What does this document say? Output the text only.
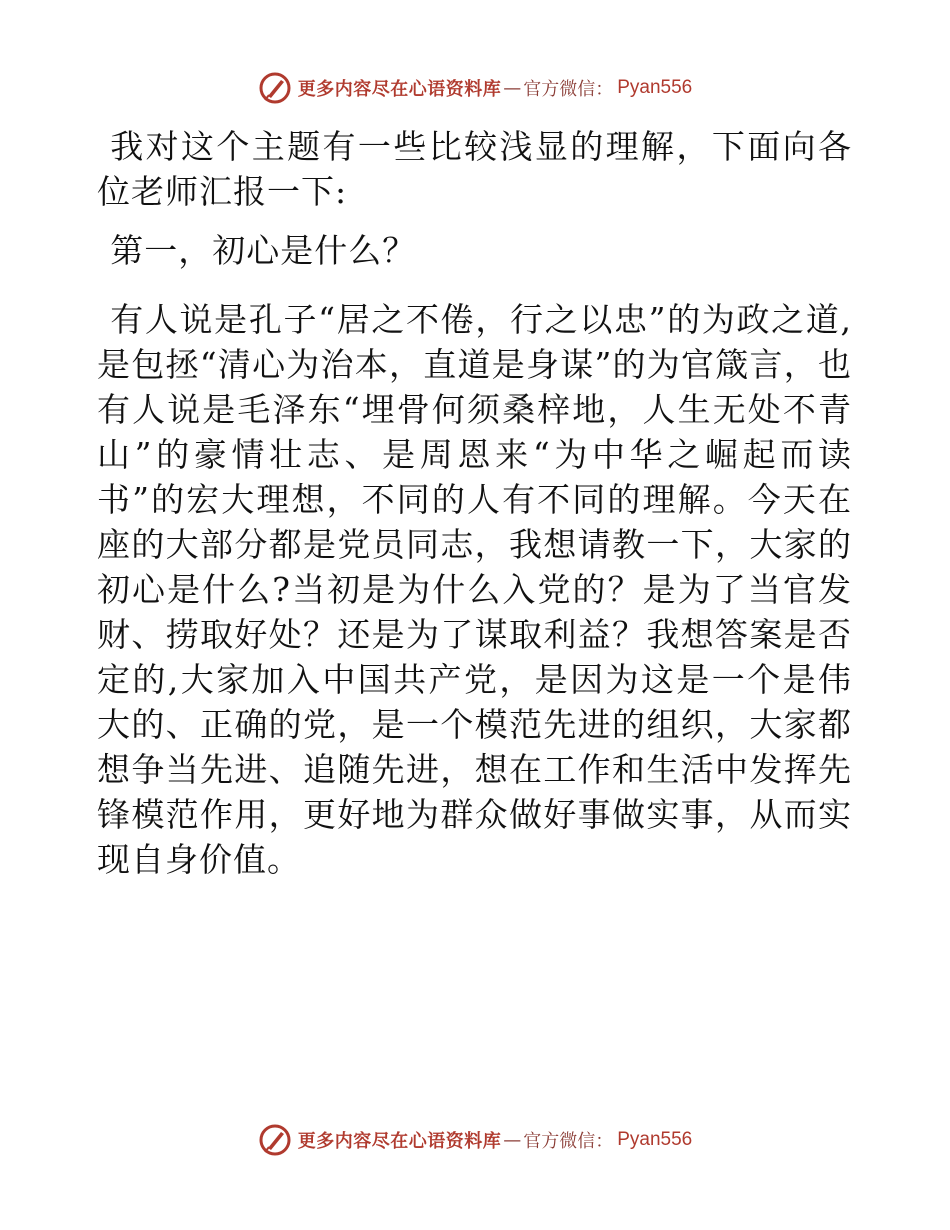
更多内容尽在心语资料库 — 官方微信： Pyan556

我对这个主题有一些比较浅显的理解，下面向各位老师汇报一下:

第一，初心是什么？

有人说是孔子“居之不倦，行之以忠”的为政之道,是包拯“清心为治本，直道是身谋”的为官箴言，也有人说是毛泽东“埋骨何须桑梓地，人生无处不青山”的豪情壮志、是周恩来“为中华之崛起而读书”的宏大理想，不同的人有不同的理解。今天在座的大部分都是党员同志，我想请教一下，大家的初心是什么?当初是为什么入党的？是为了当官发财、捞取好处？还是为了谋取利益？我想答案是否定的,大家加入中国共产党，是因为这是一个是伟大的、正确的党，是一个模范先进的组织，大家都想争当先进、追随先进，想在工作和生活中发挥先锋模范作用，更好地为群众做好事做实事，从而实现自身价值。

更多内容尽在心语资料库 — 官方微信： Pyan556
